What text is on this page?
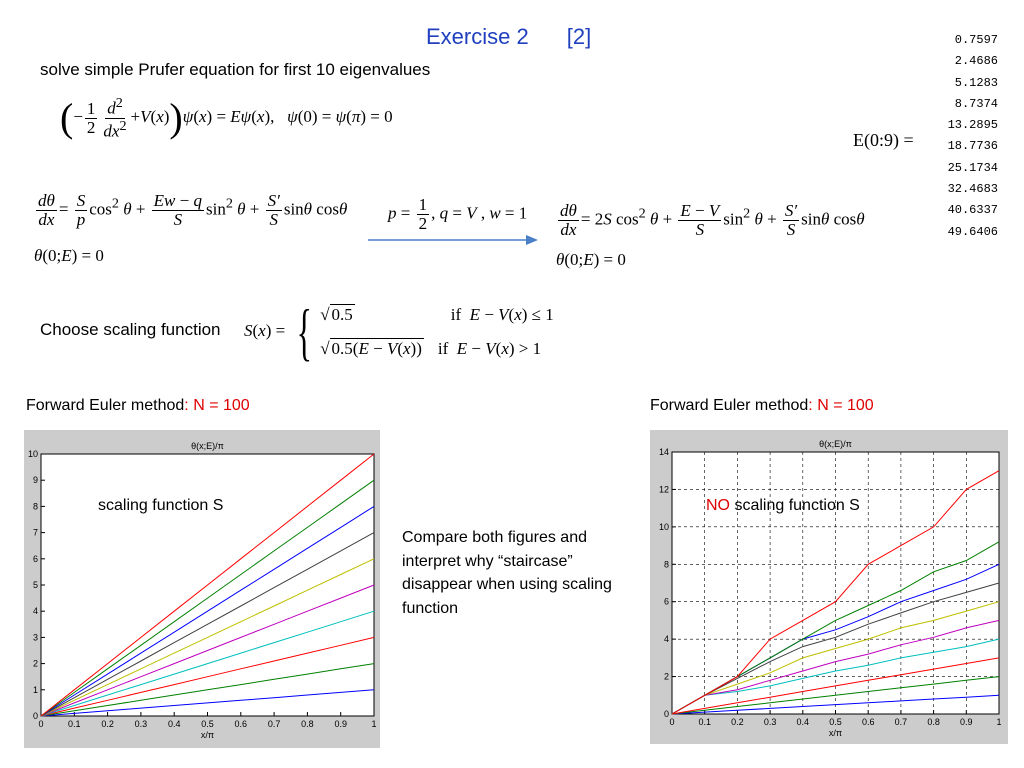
Exercise 2 [2]
solve simple Prufer equation for first 10 eigenvalues
(− $\frac{1}{2} \frac{d^2}{dx^2} +V(x))\psi(x) = E\psi(x)$,   ψ(0) = ψ(π) = 0
E(0:9) =
0.7597
2.4686
5.1283
8.7374
13.2895
18.7736
25.1734
32.4683
40.6337
49.6406
$\frac{d\theta}{dx} = \frac{S}{p} \cos^2 \theta + \frac{Ew - q}{S} \sin^2 \theta + \frac{S'}{S}$ sinθ cosθ
θ(0;E) = 0
$p = \frac{1}{2}$ , q = V , $w = 1 \frac{d\theta}{dx} = 2S$ $\cos^2 \theta + \frac{E - V}{S} \sin^2 \theta + \frac{S'}{S}$ sinθ cosθ
θ(0;E) = 0
Choose scaling function S(x) = { √ 0.5	if  E − V(x) ≤ 1
√ 0.5(E − V(x)) if  E − V(x) > 1
Forward Euler method: N = 100	Forward Euler method: N = 100
0	0.1 0.2 0.3 0.4 0.5 0.6 0.7 0.8 0.9	1
0
1
2
3
4
5
6
7
8
9
10
θ(x;E)/π
x/π
0	0.1 0.2 0.3 0.4 0.5 0.6 0.7 0.8 0.9	1
0
2
4
6
8
10
12
14
θ(x;E)/π
x/π
scaling function S	NO scaling function S
Compare both figures and interpret why “staircase” disappear when using scaling function
